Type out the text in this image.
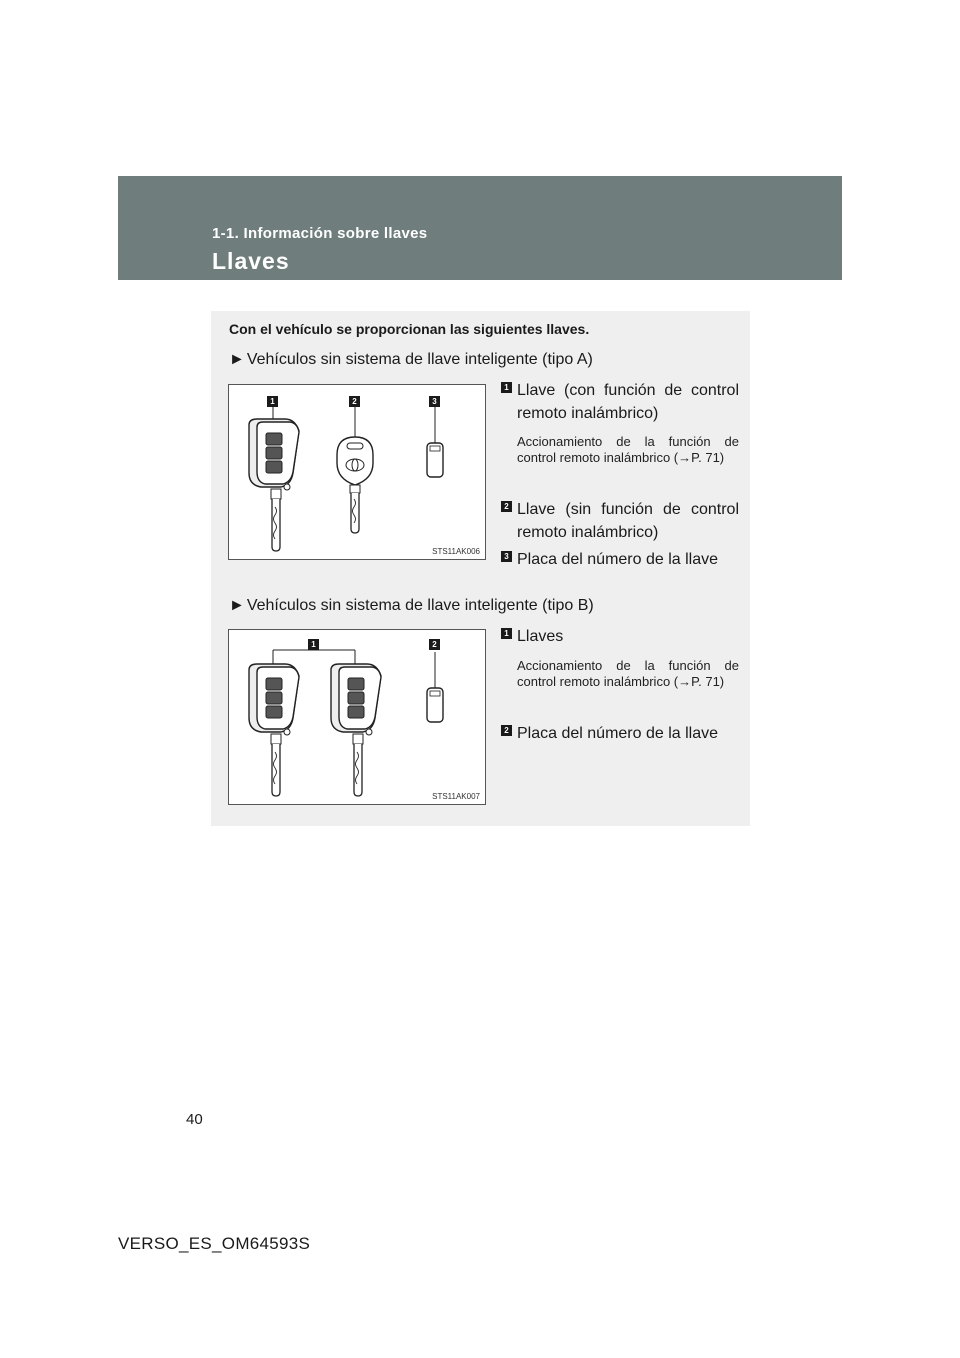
1-1. Información sobre llaves
Llaves
Con el vehículo se proporcionan las siguientes llaves.
► Vehículos sin sistema de llave inteligente (tipo A)
1	2	3
STS11AK006
1 Llave (con función de control remoto inalámbrico)
Accionamiento de la función de control remoto inalámbrico (→P. 71)
2 Llave (sin función de control remoto inalámbrico)
3 Placa del número de la llave
► Vehículos sin sistema de llave inteligente (tipo B)
1	2
STS11AK007
1 Llaves
Accionamiento de la función de control remoto inalámbrico (→P. 71)
2 Placa del número de la llave
40
VERSO_ES_OM64593S
